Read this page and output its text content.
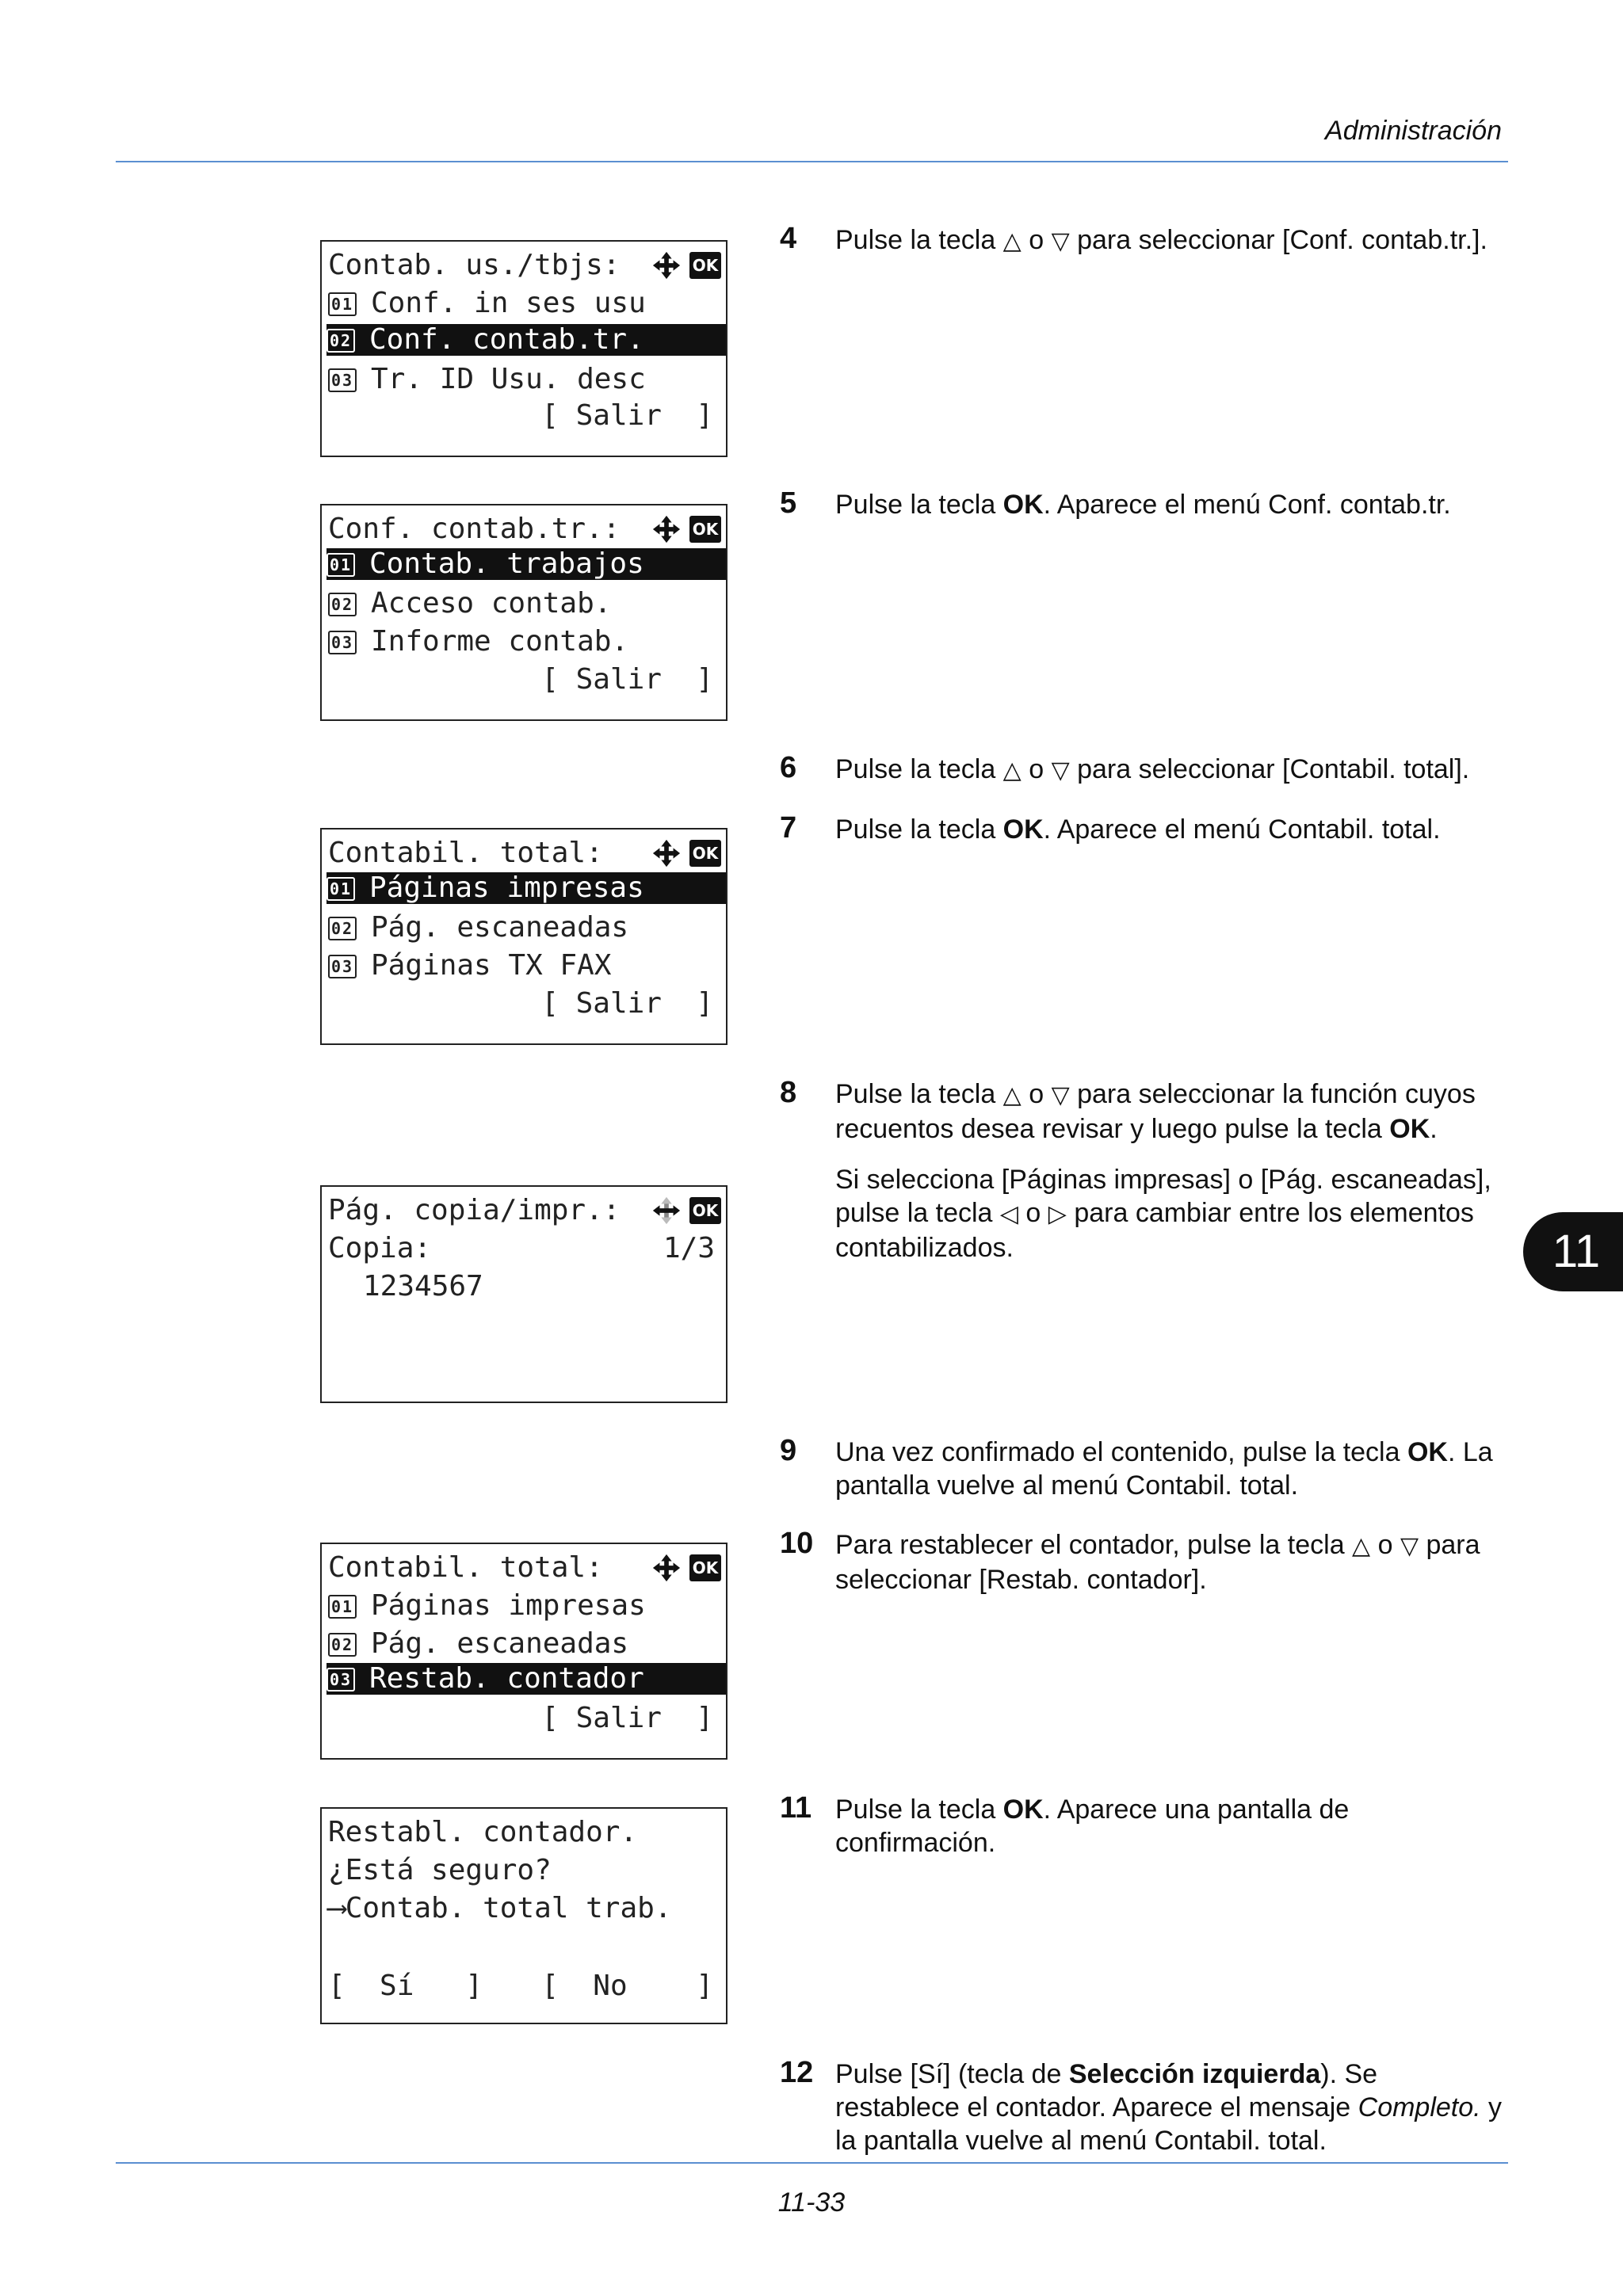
Administración
11
Contab. us./tbjs:	OK
01 Conf. in ses usu
02 Conf. contab.tr.
03 Tr. ID Usu. desc
[ Salir  ]
Conf. contab.tr.:	OK
01 Contab. trabajos
02 Acceso contab.
03 Informe contab.
[ Salir  ]
Contabil. total:	OK
01 Páginas impresas
02 Pág. escaneadas
03 Páginas TX FAX
[ Salir  ]
Pág. copia/impr.:	OK
Copia:	1/3
1234567
Contabil. total:	OK
01 Páginas impresas
02 Pág. escaneadas
03 Restab. contador
[ Salir  ]
Restabl. contador.
¿Está seguro?
⟶Contab. total trab.
[  Sí   ]	[  No    ]
4 Pulse la tecla △ o ▽ para seleccionar [Conf. contab.tr.].

5 Pulse la tecla OK. Aparece el menú Conf. contab.tr.

6 Pulse la tecla △ o ▽ para seleccionar [Contabil. total].

7 Pulse la tecla OK. Aparece el menú Contabil. total.

8 Pulse la tecla △ o ▽ para seleccionar la función cuyos recuentos desea revisar y luego pulse la tecla OK.

Si selecciona [Páginas impresas] o [Pág. escaneadas], pulse la tecla ◁ o ▷ para cambiar entre los elementos contabilizados.

9 Una vez confirmado el contenido, pulse la tecla OK. La pantalla vuelve al menú Contabil. total.

10 Para restablecer el contador, pulse la tecla △ o ▽ para seleccionar [Restab. contador].

11 Pulse la tecla OK. Aparece una pantalla de confirmación.

12 Pulse [Sí] (tecla de Selección izquierda). Se restablece el contador. Aparece el mensaje Completo. y la pantalla vuelve al menú Contabil. total.

11-33
